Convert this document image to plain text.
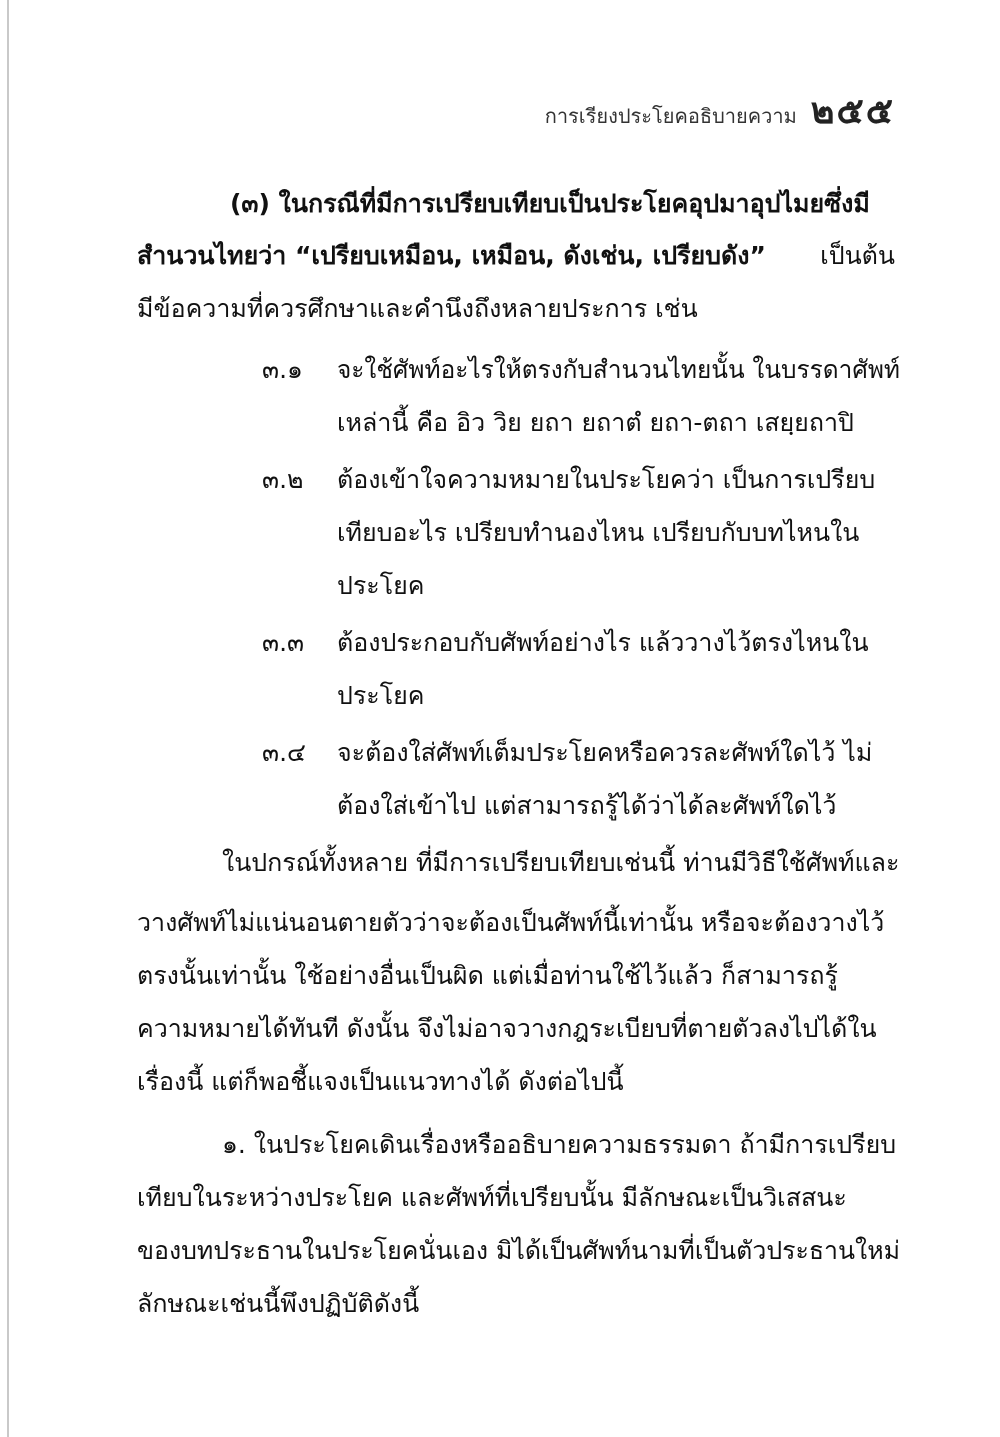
การเรียงประโยคอธิบายความ ๒๕๕
(๓) ในกรณีที่มีการเปรียบเทียบเป็นประโยคอุปมาอุปไมยซึ่งมี
สำนวนไทยว่า “เปรียบเหมือน, เหมือน, ดังเช่น, เปรียบดัง” เป็นต้น
มีข้อความที่ควรศึกษาและคำนึงถึงหลายประการ เช่น
๓.๑ จะใช้ศัพท์อะไรให้ตรงกับสำนวนไทยนั้น ในบรรดาศัพท์
เหล่านี้ คือ อิว วิย ยถา ยถาตํ ยถา-ตถา เสยฺยถาปิ
๓.๒ ต้องเข้าใจความหมายในประโยคว่า เป็นการเปรียบ
เทียบอะไร เปรียบทำนองไหน เปรียบกับบทไหนใน
ประโยค
๓.๓ ต้องประกอบกับศัพท์อย่างไร แล้ววางไว้ตรงไหนใน
ประโยค
๓.๔ จะต้องใส่ศัพท์เต็มประโยคหรือควรละศัพท์ใดไว้ ไม่
ต้องใส่เข้าไป แต่สามารถรู้ได้ว่าได้ละศัพท์ใดไว้
ในปกรณ์ทั้งหลาย ที่มีการเปรียบเทียบเช่นนี้ ท่านมีวิธีใช้ศัพท์และ
วางศัพท์ไม่แน่นอนตายตัวว่าจะต้องเป็นศัพท์นี้เท่านั้น หรือจะต้องวางไว้
ตรงนั้นเท่านั้น ใช้อย่างอื่นเป็นผิด แต่เมื่อท่านใช้ไว้แล้ว ก็สามารถรู้
ความหมายได้ทันที ดังนั้น จึงไม่อาจวางกฎระเบียบที่ตายตัวลงไปได้ใน
เรื่องนี้ แต่ก็พอชี้แจงเป็นแนวทางได้ ดังต่อไปนี้
๑. ในประโยคเดินเรื่องหรืออธิบายความธรรมดา ถ้ามีการเปรียบ
เทียบในระหว่างประโยค และศัพท์ที่เปรียบนั้น มีลักษณะเป็นวิเสสนะ
ของบทประธานในประโยคนั่นเอง มิได้เป็นศัพท์นามที่เป็นตัวประธานใหม่
ลักษณะเช่นนี้พึงปฏิบัติดังนี้
